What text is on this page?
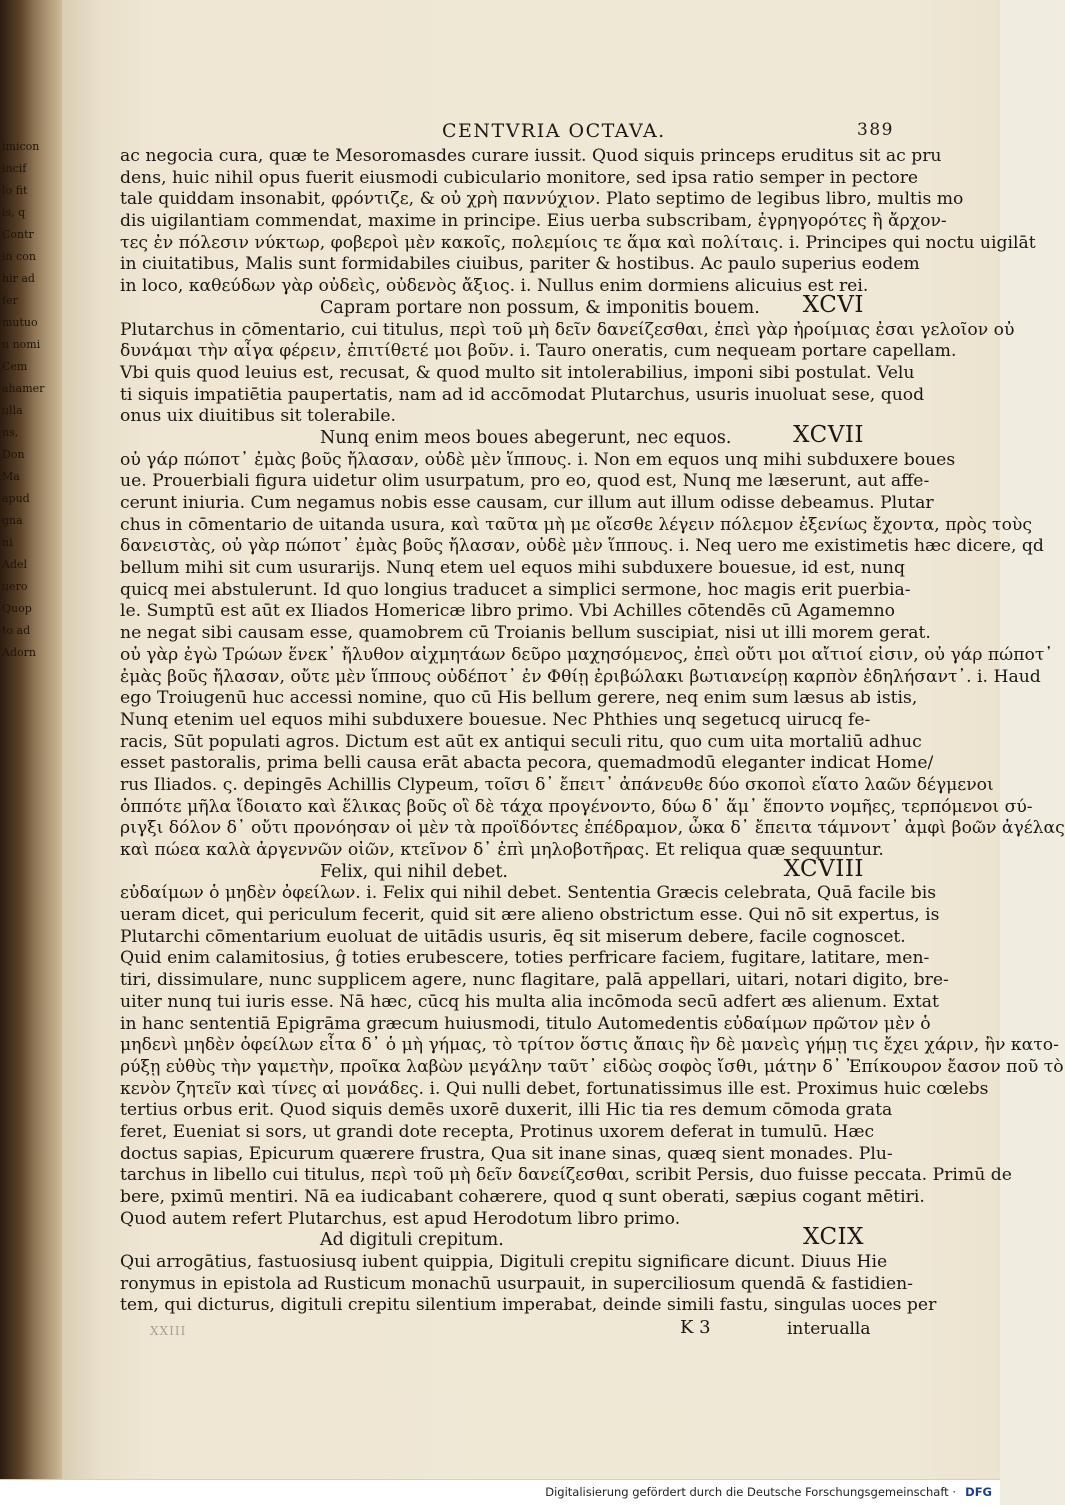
imicon
incif
lo fit
is, q
Contr
in con
hir ad
fer
mutuo
u nomi
Cem
ahamer
ulla
ns,
Don
Ma
apud
gna
ni
Adel
uero
Quop
to ad
Adorn
CENTVRIA OCTAVA.	389
ac negocia cura, quæ te Mesoromasdes curare iussit. Quod siquis princeps eruditus sit ac pru
dens, huic nihil opus fuerit eiusmodi cubiculario monitore, sed ipsa ratio semper in pectore
tale quiddam insonabit, φρόντιζε, & οὐ χρὴ παννύχιον. Plato septimo de legibus libro, multis mo
dis uigilantiam commendat, maxime in principe. Eius uerba subscribam, ἐγρηγορότες ἢ ἄρχον-
τες ἐν πόλεσιν νύκτωρ, φοβεροὶ μὲν κακοῖς, πολεμίοις τε ἅμα καὶ πολίταις. i. Principes qui noctu uigilāt
in ciuitatibus, Malis sunt formidabiles ciuibus, pariter & hostibus. Ac paulo superius eodem
in loco, καθεύδων γὰρ οὐδεὶς, οὐδενὸς ἄξιος. i. Nullus enim dormiens alicuius est rei.
Capram portare non possum, & imponitis bouem. XCVI
Plutarchus in cōmentario, cui titulus, περὶ τοῦ μὴ δεῖν δανείζεσθαι, ἐπεὶ γὰρ ἠροίμιας ἐσαι γελοῖον οὐ
δυνάμαι τὴν αἶγα φέρειν, ἐπιτίθετέ μοι βοῦν. i. Tauro oneratis, cum nequeam portare capellam.
Vbi quis quod leuius est, recusat, & quod multo sit intolerabilius, imponi sibi postulat. Velu
ti siquis impatiētia paupertatis, nam ad id accōmodat Plutarchus, usuris inuoluat sese, quod
onus uix diuitibus sit tolerabile.
Nunq enim meos boues abegerunt, nec equos.	XCVII
οὐ γάρ πώποτ᾽ ἐμὰς βοῦς ἤλασαν, οὐδὲ μὲν ἵππους. i. Non em equos unq mihi subduxere boues
ue. Prouerbiali figura uidetur olim usurpatum, pro eo, quod est, Nunq me læserunt, aut affe-
cerunt iniuria. Cum negamus nobis esse causam, cur illum aut illum odisse debeamus. Plutar
chus in cōmentario de uitanda usura, καὶ ταῦτα μὴ με οἴεσθε λέγειν πόλεμον ἐξενίως ἔχοντα, πρὸς τοὺς
δανειστὰς, οὐ γὰρ πώποτ᾽ ἐμὰς βοῦς ἤλασαν, οὐδὲ μὲν ἵππους. i. Neq uero me existimetis hæc dicere, qd
bellum mihi sit cum usurarijs. Nunq etem uel equos mihi subduxere bouesue, id est, nunq
quicq mei abstulerunt. Id quo longius traducet a simplici sermone, hoc magis erit puerbia-
le. Sumptū est aūt ex Iliados Homericæ libro primo. Vbi Achilles cōtendēs cū Agamemno
ne negat sibi causam esse, quamobrem cū Troianis bellum suscipiat, nisi ut illi morem gerat.
οὐ γὰρ ἐγὼ Τρώων ἕνεκ᾽ ἤλυθον αἰχμητάων δεῦρο μαχησόμενος, ἐπεὶ οὔτι μοι αἴτιοί εἰσιν, οὐ γάρ πώποτ᾽
ἐμὰς βοῦς ἤλασαν, οὔτε μὲν ἵππους οὐδέποτ᾽ ἐν Φθίῃ ἐριβώλακι βωτιανείρῃ καρπὸν ἐδηλήσαντ᾽. i. Haud
ego Troiugenū huc accessi nomine, quo cū His bellum gerere, neq enim sum læsus ab istis,
Nunq etenim uel equos mihi subduxere bouesue. Nec Phthies unq segetucq uirucq fe-
racis, Sūt populati agros. Dictum est aūt ex antiqui seculi ritu, quo cum uita mortaliū adhuc
esset pastoralis, prima belli causa erāt abacta pecora, quemadmodū eleganter indicat Home/
rus Iliados. ς. depingēs Achillis Clypeum, τοῖσι δ᾽ ἔπειτ᾽ ἀπάνευθε δύο σκοποὶ εἵατο λαῶν δέγμενοι
ὁππότε μῆλα ἴδοιατο καὶ ἕλικας βοῦς οἳ δὲ τάχα προγένοντο, δύω δ᾽ ἅμ᾽ ἕποντο νομῆες, τερπόμενοι σύ-
ριγξι δόλον δ᾽ οὔτι προνόησαν οἱ μὲν τὰ προϊδόντες ἐπέδραμον, ὦκα δ᾽ ἔπειτα τάμνοντ᾽ ἀμφὶ βοῶν ἀγέλας
καὶ πώεα καλὰ ἀργεννῶν οἰῶν, κτεῖνον δ᾽ ἐπὶ μηλοβοτῆρας. Et reliqua quæ sequuntur.
Felix, qui nihil debet.	XCVIII
εὐδαίμων ὁ μηδὲν ὀφείλων. i. Felix qui nihil debet. Sententia Græcis celebrata, Quā facile bis
ueram dicet, qui periculum fecerit, quid sit ære alieno obstrictum esse. Qui nō sit expertus, is
Plutarchi cōmentarium euoluat de uitādis usuris, ēq sit miserum debere, facile cognoscet.
Quid enim calamitosius, ĝ toties erubescere, toties perfricare faciem, fugitare, latitare, men-
tiri, dissimulare, nunc supplicem agere, nunc flagitare, palā appellari, uitari, notari digito, bre-
uiter nunq tui iuris esse. Nā hæc, cūcq his multa alia incōmoda secū adfert æs alienum. Extat
in hanc sententiā Epigrāma græcum huiusmodi, titulo Automedentis εὐδαίμων πρῶτον μὲν ὁ
μηδενὶ μηδὲν ὀφείλων εἶτα δ᾽ ὁ μὴ γήμας, τὸ τρίτον ὅστις ἄπαις ἢν δὲ μανεὶς γήμῃ τις ἔχει χάριν, ἢν κατο-
ρύξῃ εὐθὺς τὴν γαμετὴν, προῖκα λαβὼν μεγάλην ταῦτ᾽ εἰδὼς σοφὸς ἴσθι, μάτην δ᾽ Ἐπίκουρον ἔασον ποῦ τὸ
κενὸν ζητεῖν καὶ τίνες αἱ μονάδες. i. Qui nulli debet, fortunatissimus ille est. Proximus huic cœlebs
tertius orbus erit. Quod siquis demēs uxorē duxerit, illi Hic tia res demum cōmoda grata
feret, Eueniat si sors, ut grandi dote recepta, Protinus uxorem deferat in tumulū. Hæc
doctus sapias, Epicurum quærere frustra, Qua sit inane sinas, quæq sient monades. Plu-
tarchus in libello cui titulus, περὶ τοῦ μὴ δεῖν δανείζεσθαι, scribit Persis, duo fuisse peccata. Primū de
bere, pximū mentiri. Nā ea iudicabant cohærere, quod q sunt oberati, sæpius cogant mētiri.
Quod autem refert Plutarchus, est apud Herodotum libro primo.
Ad digituli crepitum.	XCIX
Qui arrogātius, fastuosiusq iubent quippia, Digituli crepitu significare dicunt. Diuus Hie
ronymus in epistola ad Rusticum monachū usurpauit, in superciliosum quendā & fastidien-
tem, qui dicturus, digituli crepitu silentium imperabat, deinde simili fastu, singulas uoces per
XXIII	K 3	interualla
Digitalisierung gefördert durch die Deutsche Forschungsgemeinschaft · DFG
